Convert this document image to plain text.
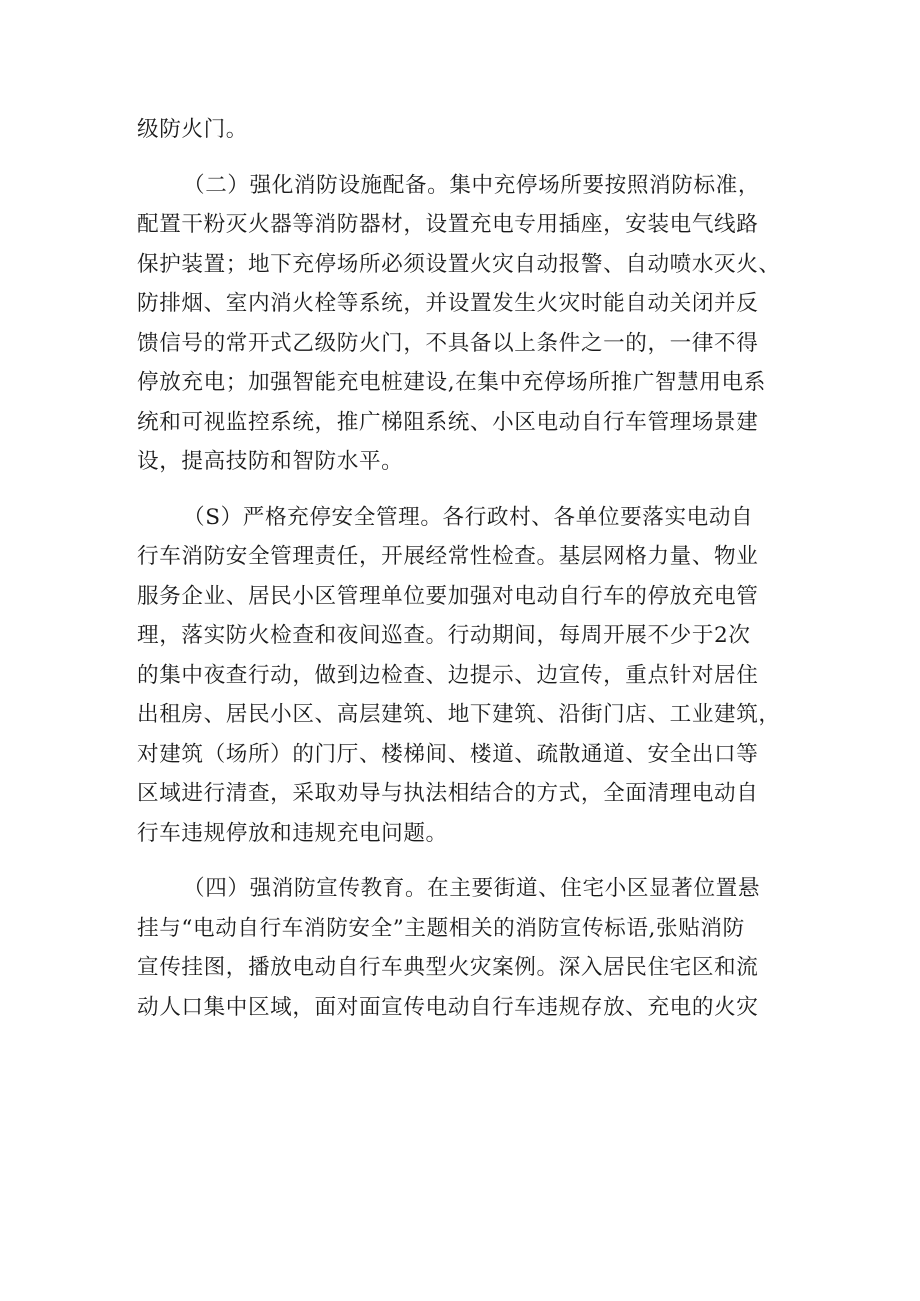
级防火门。
（二）强化消防设施配备。集中充停场所要按照消防标准，
配置干粉灭火器等消防器材，设置充电专用插座，安装电气线路
保护装置；地下充停场所必须设置火灾自动报警、自动喷水灭火、
防排烟、室内消火栓等系统，并设置发生火灾时能自动关闭并反
馈信号的常开式乙级防火门，不具备以上条件之一的，一律不得
停放充电；加强智能充电桩建设,在集中充停场所推广智慧用电系
统和可视监控系统，推广梯阻系统、小区电动自行车管理场景建
设，提高技防和智防水平。
（S）严格充停安全管理。各行政村、各单位要落实电动自
行车消防安全管理责任，开展经常性检查。基层网格力量、物业
服务企业、居民小区管理单位要加强对电动自行车的停放充电管
理，落实防火检查和夜间巡查。行动期间，每周开展不少于2次
的集中夜查行动，做到边检查、边提示、边宣传，重点针对居住
出租房、居民小区、高层建筑、地下建筑、沿街门店、工业建筑，
对建筑（场所）的门厅、楼梯间、楼道、疏散通道、安全出口等
区域进行清查，采取劝导与执法相结合的方式，全面清理电动自
行车违规停放和违规充电问题。
（四）强消防宣传教育。在主要街道、住宅小区显著位置悬
挂与“电动自行车消防安全”主题相关的消防宣传标语,张贴消防
宣传挂图，播放电动自行车典型火灾案例。深入居民住宅区和流
动人口集中区域，面对面宣传电动自行车违规存放、充电的火灾
